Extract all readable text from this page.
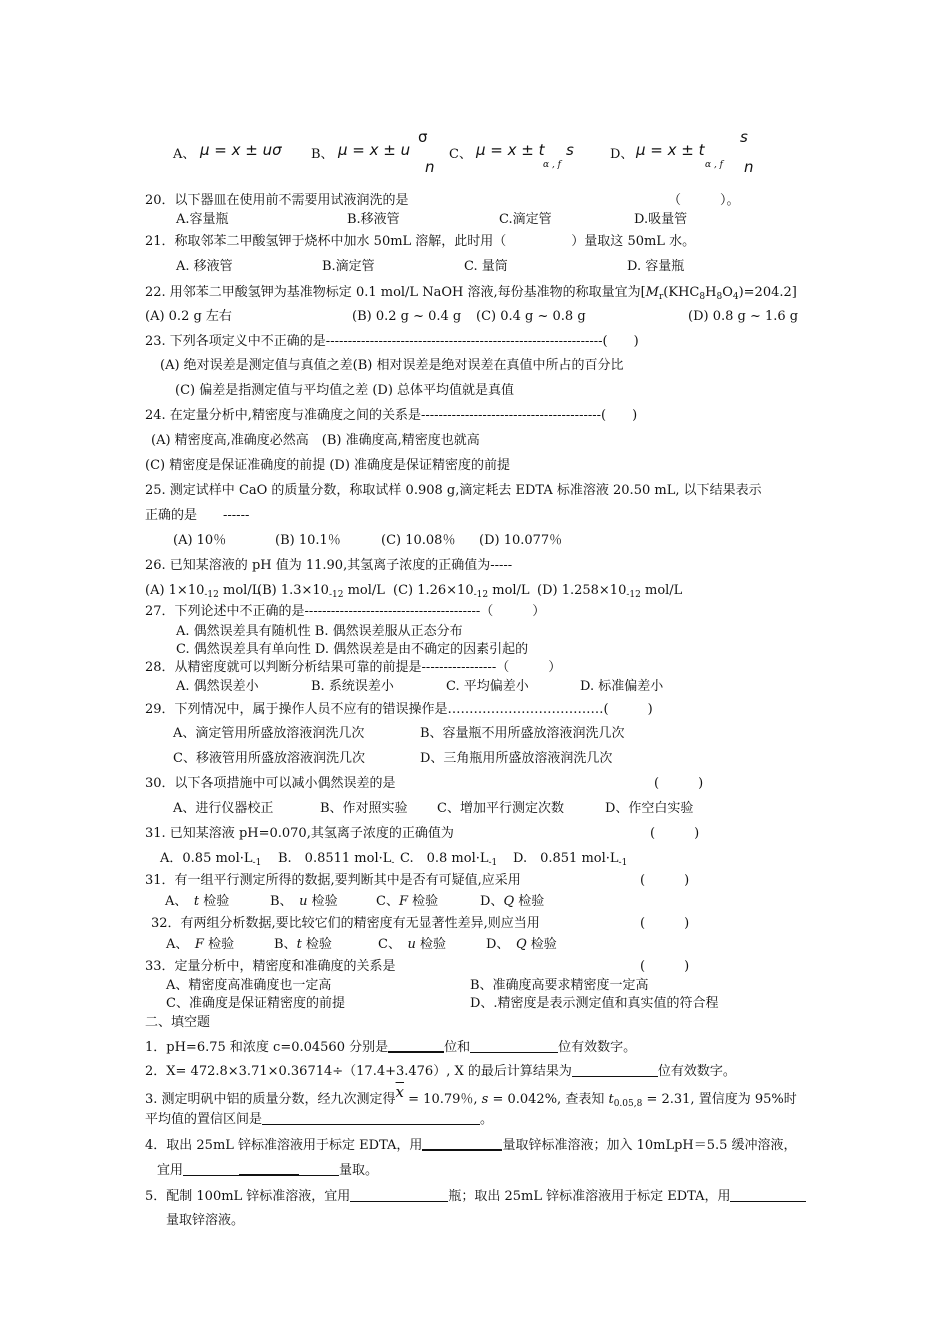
A、 μ = x ± uσ B、 μ = x ± u
σ
n
C、 μ = x ± t s
α , f
D、 μ = x ± t
s
α , f n
20．以下器皿在使用前不需要用试液润洗的是	（　　　）。
A.容量瓶	B.移液管	C.滴定管	D.吸量管
21．称取邻苯二甲酸氢钾于烧杯中加水 50mL 溶解，此时用（　　　　　）量取这 50mL 水。
A. 移液管	B.滴定管	C. 量筒	D. 容量瓶
22. 用邻苯二甲酸氢钾为基准物标定 0.1 mol/L NaOH 溶液,每份基准物的称取量宜为$[M_r(KHC_8H_8O_4)=204.2]$
(A) 0.2 g 左右	(B) 0.2 g ~ 0.4 g (C) 0.4 g ~ 0.8 g	(D) 0.8 g ~ 1.6 g
23. 下列各项定义中不正确的是---------------------------------------------------------------(　　)
(A) 绝对误差是测定值与真值之差(B) 相对误差是绝对误差在真值中所占的百分比
(C) 偏差是指测定值与平均值之差 (D) 总体平均值就是真值
24. 在定量分析中,精密度与准确度之间的关系是-----------------------------------------(　　)
(A) 精密度高,准确度必然高　(B) 准确度高,精密度也就高
(C) 精密度是保证准确度的前提 (D) 准确度是保证精密度的前提
25. 测定试样中 CaO 的质量分数，称取试样 0.908 g,滴定耗去 EDTA 标准溶液 20.50 mL, 以下结果表示
正确的是　　------
(A) 10％	(B) 10.1％	(C) 10.08％ (D) 10.077％
26. 已知某溶液的 pH 值为 11.90,其氢离子浓度的正确值为-----
(A) $1\times 10_{-12}$ mol/L
(B) $1.3\times 10_{-12}$ mol/L (C) $1.26\times 10_{-12}$ mol/L (D) $1.258\times 10_{-12}$ mol/L
27．下列论述中不正确的是----------------------------------------（　　　）
A. 偶然误差具有随机性 B. 偶然误差服从正态分布
C. 偶然误差具有单向性 D. 偶然误差是由不确定的因素引起的
28．从精密度就可以判断分析结果可靠的前提是-----------------（　　　）
A. 偶然误差小	B. 系统误差小	C. 平均偏差小	D. 标准偏差小
29．下列情况中，属于操作人员不应有的错误操作是………………………………(　　　)
A、滴定管用所盛放溶液润洗几次	B、容量瓶不用所盛放溶液润洗几次
C、移液管用所盛放溶液润洗几次	D、三角瓶用所盛放溶液润洗几次
30．以下各项措施中可以减小偶然误差的是	(　　　)
A、进行仪器校正	B、作对照实验 C、增加平行测定次数	D、作空白实验
31. 已知某溶液 pH=0.070,其氢离子浓度的正确值为	(　　　)
A．0.85 $mol\cdot L_{-1}$ B.　0.8511 $mol\cdot L_-$ C.　0.8 $mol\cdot L_{-1}$ D.　0.851 $mol\cdot L_{-1}$
31．有一组平行测定所得的数据,要判断其中是否有可疑值,应采用	(　　　)
A、　 t 检验	B、　 u 检验	C、F 检验	D、Q 检验
32．有两组分析数据,要比较它们的精密度有无显著性差异,则应当用	(　　　)
A、　 F 检验	B、t 检验	C、　 u 检验	D、　 Q 检验
33．定量分析中，精密度和准确度的关系是	(　　　)
A、精密度高准确度也一定高	B、准确度高要求精密度一定高
C、准确度是保证精密度的前提	D、.精密度是表示测定值和真实值的符合程
二、填空题
1．pH=6.75 和浓度 c=0.04560 分别是	位和	位有效数字。
2．X= 472.8×3.71×0.36714÷（17.4+3.476）, X 的最后计算结果为	位有效数字。
3. 测定明矾中铝的质量分数，经九次测定得$\overline{x} = 10.79$％, s = 0.042%, 查表知 $t_{0.05,8} = 2.31$, 置信度为 95%时
平均值的置信区间是	。
4．取出 25mL 锌标准溶液用于标定 EDTA，用	量取锌标准溶液；加入 10mLpH＝5.5 缓冲溶液，
宜用	量取。
5．配制 100mL 锌标准溶液，宜用	瓶；取出 25mL 锌标准溶液用于标定 EDTA，用
量取锌溶液。
